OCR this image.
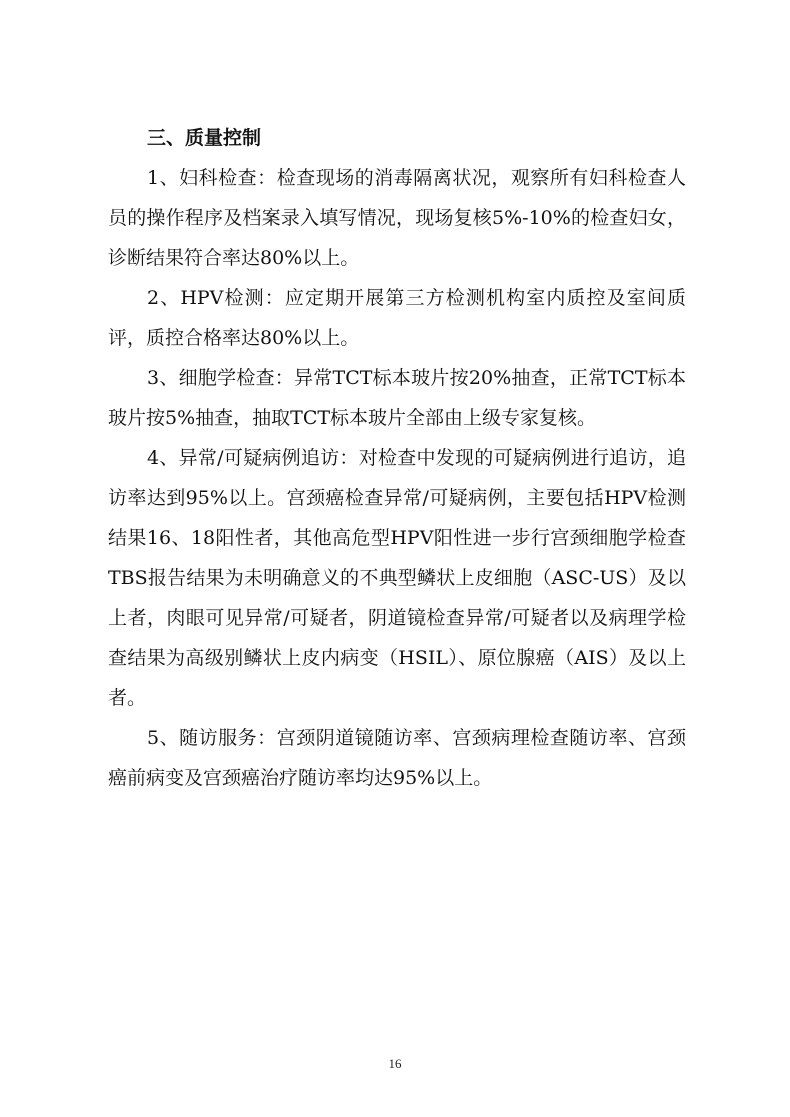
三、质量控制

1、妇科检查：检查现场的消毒隔离状况，观察所有妇科检查人员的操作程序及档案录入填写情况，现场复核5%-10%的检查妇女，诊断结果符合率达80%以上。

2、HPV检测：应定期开展第三方检测机构室内质控及室间质评，质控合格率达80%以上。

3、细胞学检查：异常TCT标本玻片按20%抽查，正常TCT标本玻片按5%抽查，抽取TCT标本玻片全部由上级专家复核。

4、异常/可疑病例追访：对检查中发现的可疑病例进行追访，追访率达到95%以上。宫颈癌检查异常/可疑病例，主要包括HPV检测结果16、18阳性者，其他高危型HPV阳性进一步行宫颈细胞学检查TBS报告结果为未明确意义的不典型鳞状上皮细胞（ASC-US）及以上者，肉眼可见异常/可疑者，阴道镜检查异常/可疑者以及病理学检查结果为高级别鳞状上皮内病变（HSIL）、原位腺癌（AIS）及以上者。

5、随访服务：宫颈阴道镜随访率、宫颈病理检查随访率、宫颈癌前病变及宫颈癌治疗随访率均达95%以上。

16
